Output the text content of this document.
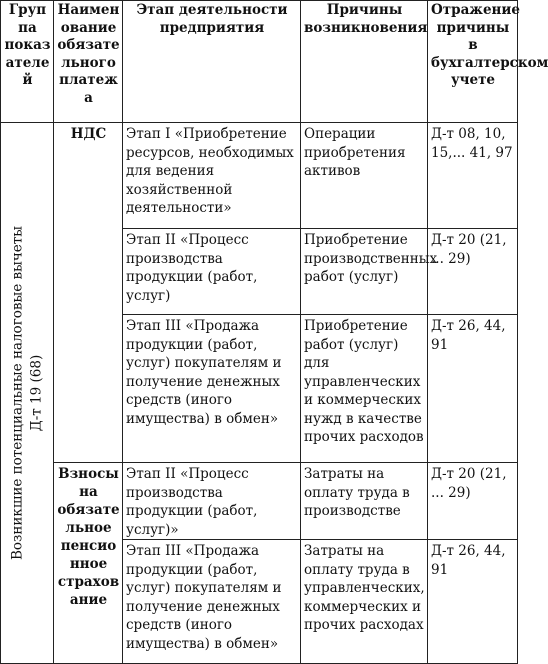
Группа показателей	Наименование обязательного платежа	Этап деятельности предприятия	Причины возникновения	Отражение причины в бухгалтерском учете

Возникшие потенциальные налоговые вычеты Д-т 19 (68)	НДС	Этап I «Приобретение ресурсов, необходимых для ведения хозяйственной деятельности»	Операции приобретения активов	Д-т 08, 10, 15,... 41, 97
		Этап II «Процесс производства продукции (работ, услуг)	Приобретение производственных работ (услуг)	Д-т 20 (21, ... 29)
		Этап III «Продажа продукции (работ, услуг) покупателям и получение денежных средств (иного имущества) в обмен»	Приобретение работ (услуг) для управленческих и коммерческих нужд в качестве прочих расходов	Д-т 26, 44, 91
	Взносы на обязательное пенсионное страхование	Этап II «Процесс производства продукции (работ, услуг)»	Затраты на оплату труда в производстве	Д-т 20 (21, ... 29)
		Этап III «Продажа продукции (работ, услуг) покупателям и получение денежных средств (иного имущества) в обмен»	Затраты на оплату труда в управленческих, коммерческих и прочих расходах	Д-т 26, 44, 91
